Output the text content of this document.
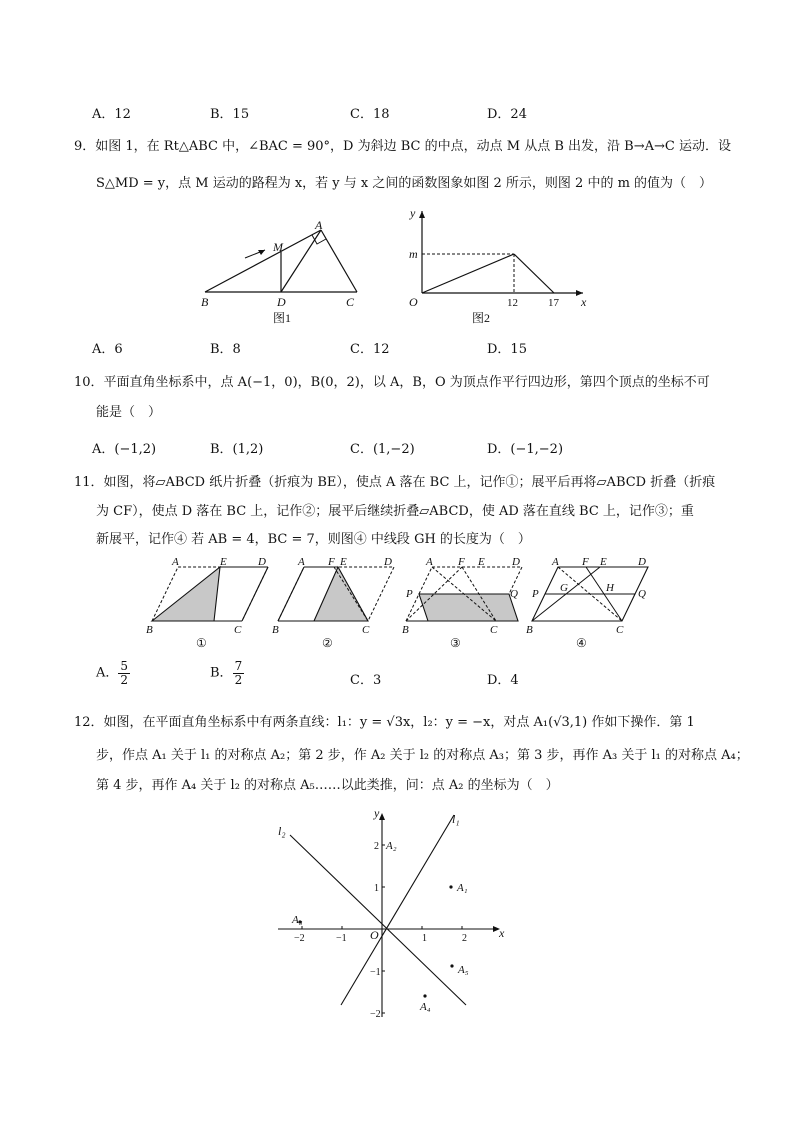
A．12	B．15	C．18	D．24
9．如图 1，在 Rt△ABC 中，∠BAC = 90°，D 为斜边 BC 的中点，动点 M 从点 B 出发，沿 B→A→C 运动．设
S△MD = y，点 M 运动的路程为 x，若 y 与 x 之间的函数图象如图 2 所示，则图 2 中的 m 的值为（　）
A
B	C
D
M
图1
y
x
m
O	12	17
图2
A．6	B．8	C．12	D．15
10．平面直角坐标系中，点 A(−1，0)，B(0，2)，以 A，B，O 为顶点作平行四边形，第四个顶点的坐标不可
能是（　）
A．(−1,2)	B．(1,2)	C．(1,−2)	D．(−1,−2)
11．如图，将▱ABCD 纸片折叠（折痕为 BE），使点 A 落在 BC 上，记作①；展平后再将▱ABCD 折叠（折痕
为 CF），使点 D 落在 BC 上，记作②；展平后继续折叠▱ABCD，使 AD 落在直线 BC 上，记作③；重
新展平，记作④ 若 AB = 4，BC = 7，则图④ 中线段 GH 的长度为（　）
A	E	D
B	C
①
A F E	D
B	C
②
A F E D
P	Q
B	C
③
A F E	D
P G	H Q
B	C
④
A． $\frac{5}{2}$	B． $\frac{7}{2}$	C．3	D．4
12．如图，在平面直角坐标系中有两条直线：l₁：y = √3x，l₂：y = −x，对点 A₁(√3,1) 作如下操作．第 1
步，作点 A₁ 关于 l₁ 的对称点 A₂；第 2 步，作 A₂ 关于 l₂ 的对称点 A₃；第 3 步，再作 A₃ 关于 l₁ 的对称点 A₄；
第 4 步，再作 A₄ 关于 l₂ 的对称点 A₅……以此类推，问：点 A₂ 的坐标为（　）
−2	−1	1	2
2
1
−1
−2
x
y
O
l₁
l₂
A₁
A₂
A₃
A₄
A₅
